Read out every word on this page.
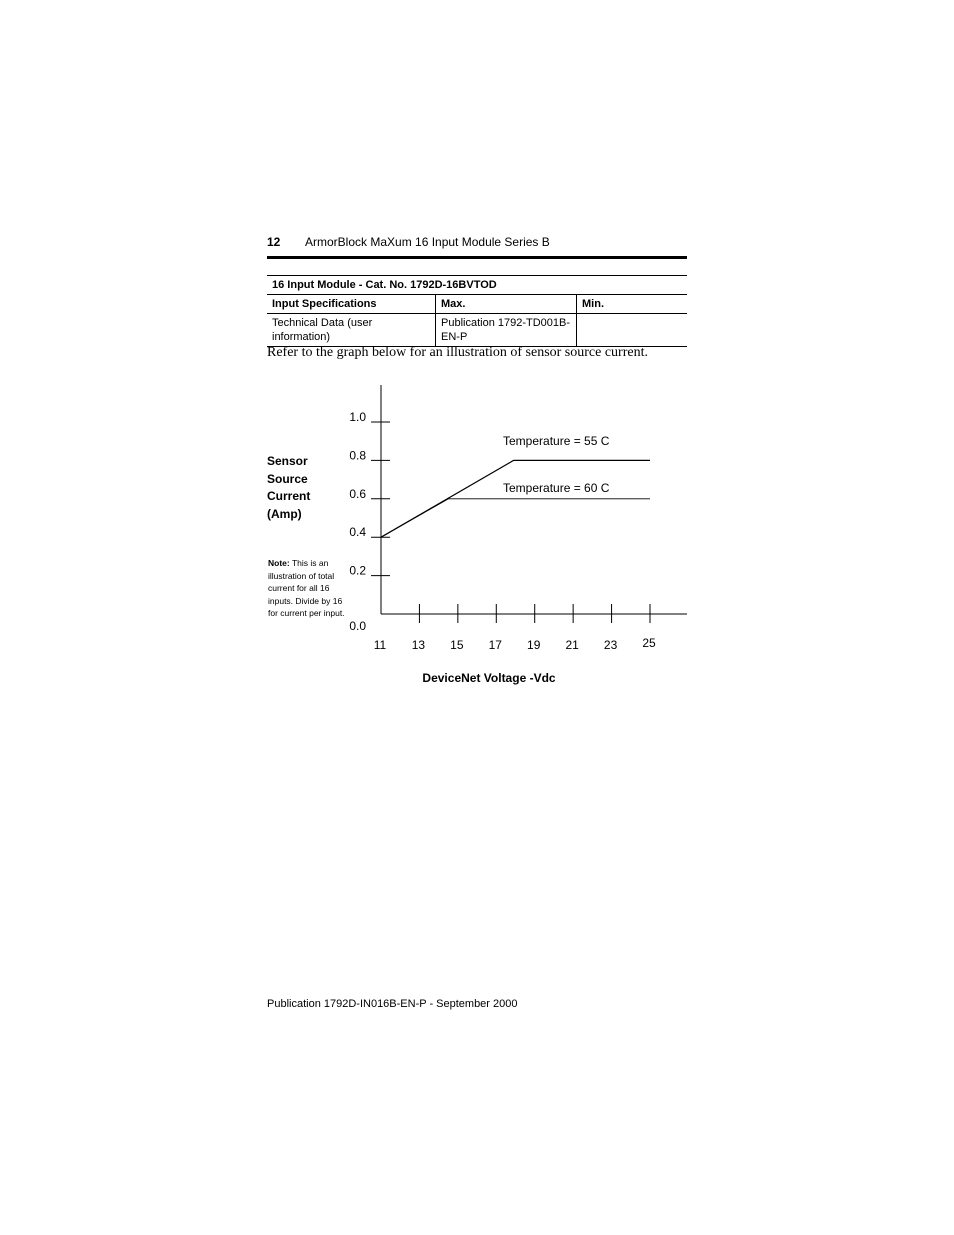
12 ArmorBlock MaXum 16 Input Module Series B
16 Input Module - Cat. No. 1792D-16BVTOD		
Input Specifications	Max.	Min.
Technical Data (user information)	Publication 1792-TD001B-EN-P	
Refer to the graph below for an illustration of sensor source current.
Sensor
Source
Current
(Amp)
Note: This is an illustration of total current for all 16 inputs. Divide by 16 for current per input.
0.0
0.2
0.4
0.6
0.8
1.0
11 13 15 17 19 21 23 25
Temperature = 55 C
Temperature = 60 C
DeviceNet Voltage -Vdc
Publication 1792D-IN016B-EN-P - September 2000
